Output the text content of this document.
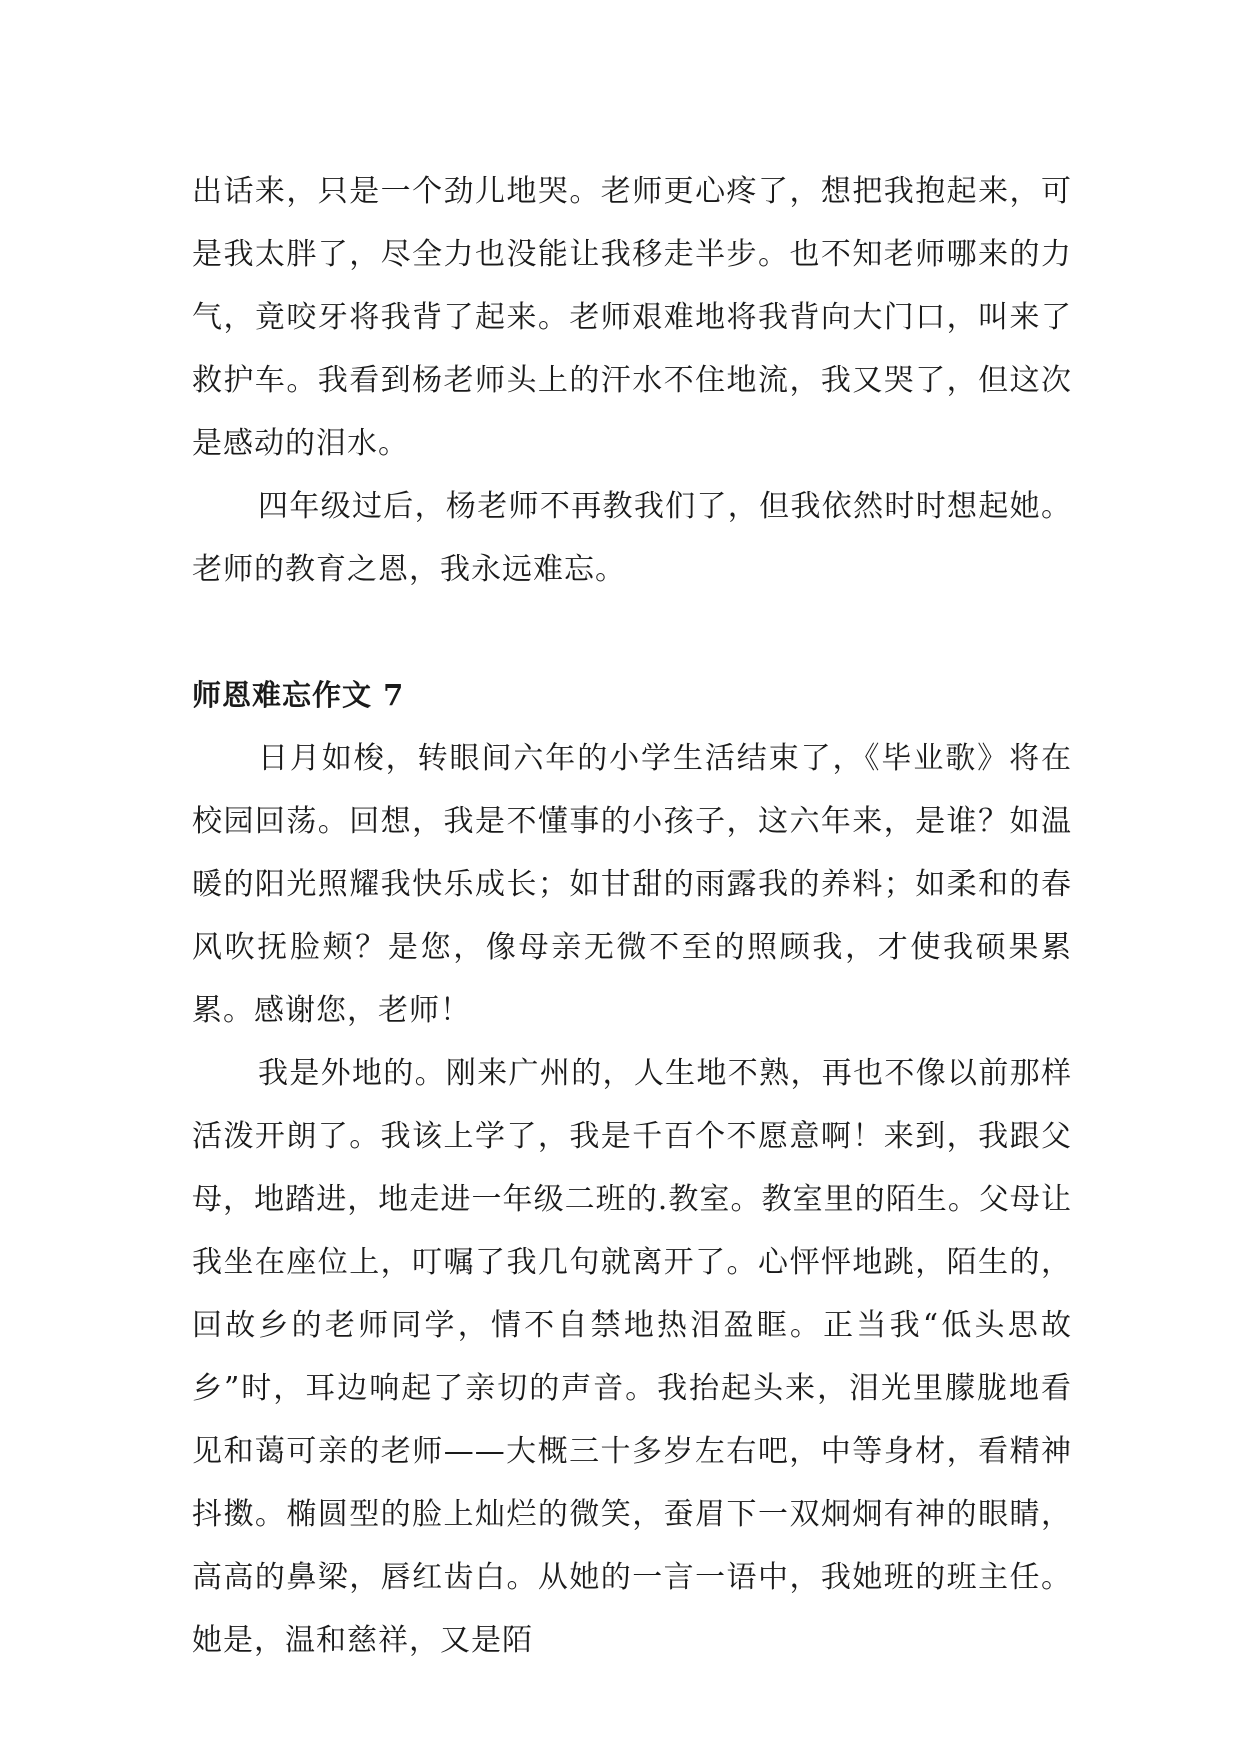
出话来，只是一个劲儿地哭。老师更心疼了，想把我抱起来，可是我太胖了，尽全力也没能让我移走半步。也不知老师哪来的力气，竟咬牙将我背了起来。老师艰难地将我背向大门口，叫来了救护车。我看到杨老师头上的汗水不住地流，我又哭了，但这次是感动的泪水。

四年级过后，杨老师不再教我们了，但我依然时时想起她。老师的教育之恩，我永远难忘。

师恩难忘作文 7

日月如梭，转眼间六年的小学生活结束了，《毕业歌》将在校园回荡。回想，我是不懂事的小孩子，这六年来，是谁？如温暖的阳光照耀我快乐成长；如甘甜的雨露我的养料；如柔和的春风吹抚脸颊？是您，像母亲无微不至的照顾我，才使我硕果累累。感谢您，老师！

我是外地的。刚来广州的，人生地不熟，再也不像以前那样活泼开朗了。我该上学了，我是千百个不愿意啊！来到，我跟父母，地踏进，地走进一年级二班的.教室。教室里的陌生。父母让我坐在座位上，叮嘱了我几句就离开了。心怦怦地跳，陌生的，回故乡的老师同学，情不自禁地热泪盈眶。正当我“低头思故乡”时，耳边响起了亲切的声音。我抬起头来，泪光里朦胧地看见和蔼可亲的老师——大概三十多岁左右吧，中等身材，看精神抖擞。椭圆型的脸上灿烂的微笑，蚕眉下一双炯炯有神的眼睛，高高的鼻梁，唇红齿白。从她的一言一语中，我她班的班主任。她是，温和慈祥，又是陌
